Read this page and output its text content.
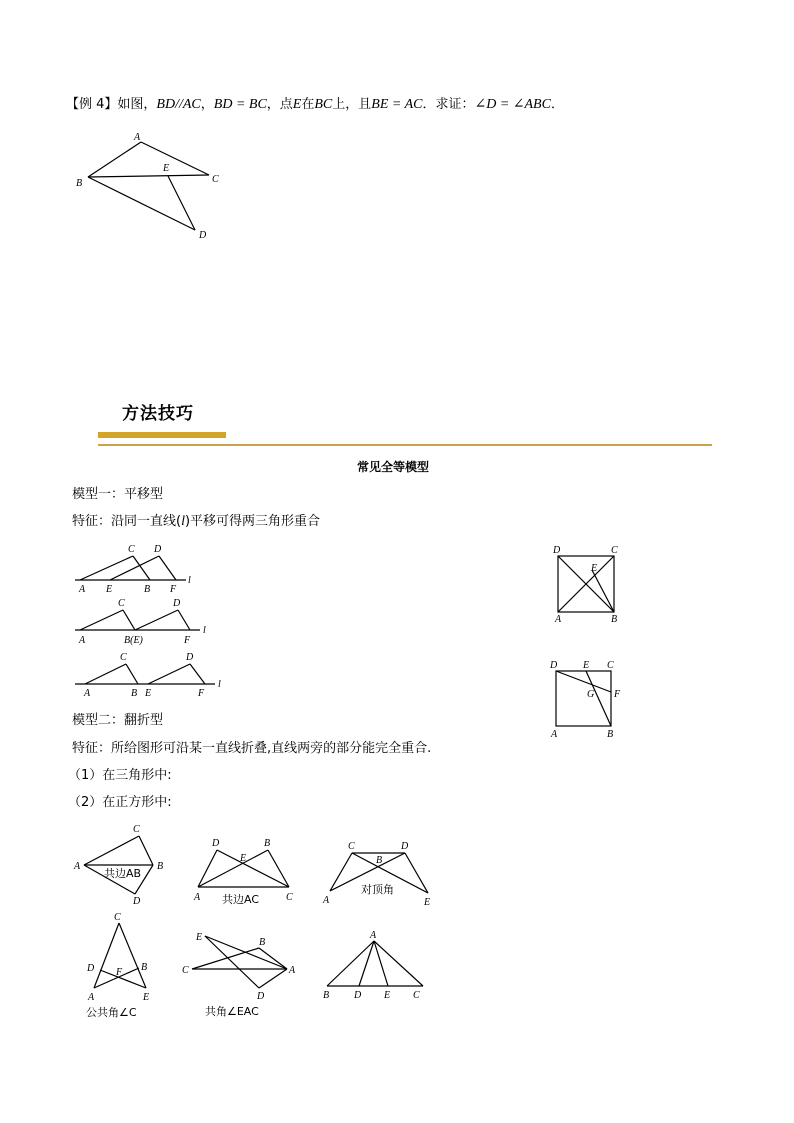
【例 4】如图，BD//AC，BD = BC，点E在BC上，且BE = AC．求证：∠D = ∠ABC．
A
B	C
E
D
方法技巧
常见全等模型
模型一：平移型
特征：沿同一直线(l)平移可得两三角形重合
C D
A E	B F
l
C	D
A	B(E)	F
l
C	D
A	B E	F
l
D	C
E
A	B
D	E C
G F
A	B
模型二：翻折型
特征：所给图形可沿某一直线折叠,直线两旁的部分能完全重合.
（1）在三角形中:
（2）在正方形中:
C
A	B
D
共边AB
D	B
E
A	C
共边AC
C	D
B
A	E
对顶角
C
D F B
A	E
公共角∠C
E	B
C	A
D
共角∠EAC
A
B D E C
